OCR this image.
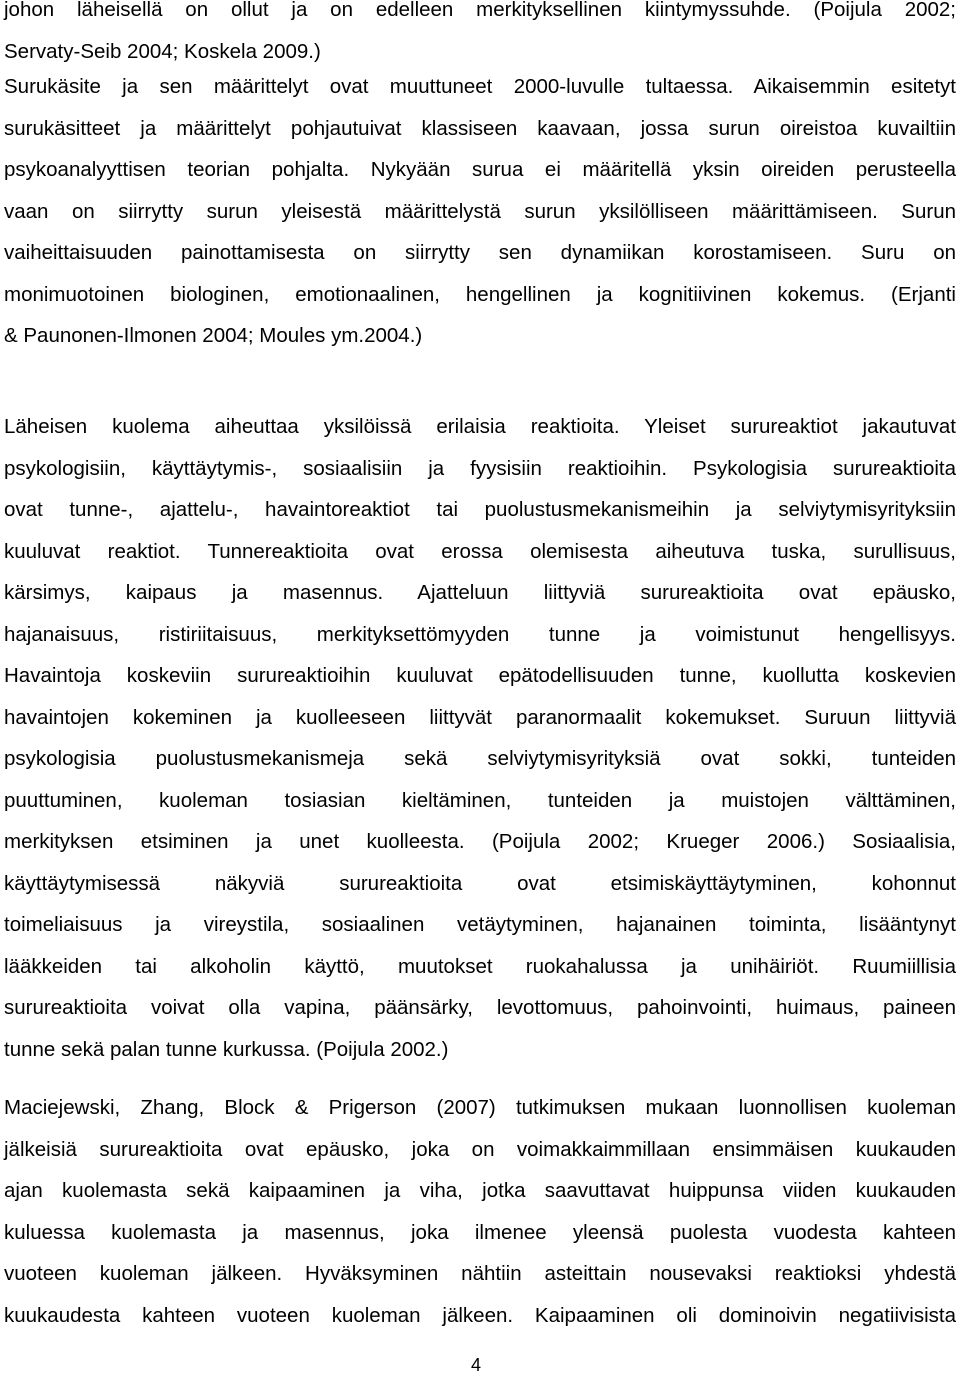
johon läheisellä on ollut ja on edelleen merkityksellinen kiintymyssuhde. (Poijula 2002;
Servaty-Seib 2004; Koskela 2009.)
Surukäsite ja sen määrittelyt ovat muuttuneet 2000-luvulle tultaessa. Aikaisemmin esitetyt
surukäsitteet ja määrittelyt pohjautuivat klassiseen kaavaan, jossa surun oireistoa kuvailtiin
psykoanalyyttisen teorian pohjalta. Nykyään surua ei määritellä yksin oireiden perusteella
vaan on siirrytty surun yleisestä määrittelystä surun yksilölliseen määrittämiseen. Surun
vaiheittaisuuden painottamisesta on siirrytty sen dynamiikan korostamiseen. Suru on
monimuotoinen biologinen, emotionaalinen, hengellinen ja kognitiivinen kokemus. (Erjanti
& Paunonen-Ilmonen 2004; Moules ym.2004.)
Läheisen kuolema aiheuttaa yksilöissä erilaisia reaktioita. Yleiset surureaktiot jakautuvat
psykologisiin, käyttäytymis-, sosiaalisiin ja fyysisiin reaktioihin. Psykologisia surureaktioita
ovat tunne-, ajattelu-, havaintoreaktiot tai puolustusmekanismeihin ja selviytymisyrityksiin
kuuluvat reaktiot. Tunnereaktioita ovat erossa olemisesta aiheutuva tuska, surullisuus,
kärsimys, kaipaus ja masennus. Ajatteluun liittyviä surureaktioita ovat epäusko,
hajanaisuus, ristiriitaisuus, merkityksettömyyden tunne ja voimistunut hengellisyys.
Havaintoja koskeviin surureaktioihin kuuluvat epätodellisuuden tunne, kuollutta koskevien
havaintojen kokeminen ja kuolleeseen liittyvät paranormaalit kokemukset. Suruun liittyviä
psykologisia puolustusmekanismeja sekä selviytymisyrityksiä ovat sokki, tunteiden
puuttuminen, kuoleman tosiasian kieltäminen, tunteiden ja muistojen välttäminen,
merkityksen etsiminen ja unet kuolleesta. (Poijula 2002; Krueger 2006.) Sosiaalisia,
käyttäytymisessä näkyviä surureaktioita ovat etsimiskäyttäytyminen, kohonnut
toimeliaisuus ja vireystila, sosiaalinen vetäytyminen, hajanainen toiminta, lisääntynyt
lääkkeiden tai alkoholin käyttö, muutokset ruokahalussa ja unihäiriöt. Ruumiillisia
surureaktioita voivat olla vapina, päänsärky, levottomuus, pahoinvointi, huimaus, paineen
tunne sekä palan tunne kurkussa. (Poijula 2002.)
Maciejewski, Zhang, Block & Prigerson (2007) tutkimuksen mukaan luonnollisen kuoleman
jälkeisiä surureaktioita ovat epäusko, joka on voimakkaimmillaan ensimmäisen kuukauden
ajan kuolemasta sekä kaipaaminen ja viha, jotka saavuttavat huippunsa viiden kuukauden
kuluessa kuolemasta ja masennus, joka ilmenee yleensä puolesta vuodesta kahteen
vuoteen kuoleman jälkeen. Hyväksyminen nähtiin asteittain nousevaksi reaktioksi yhdestä
kuukaudesta kahteen vuoteen kuoleman jälkeen. Kaipaaminen oli dominoivin negatiivisista
4
